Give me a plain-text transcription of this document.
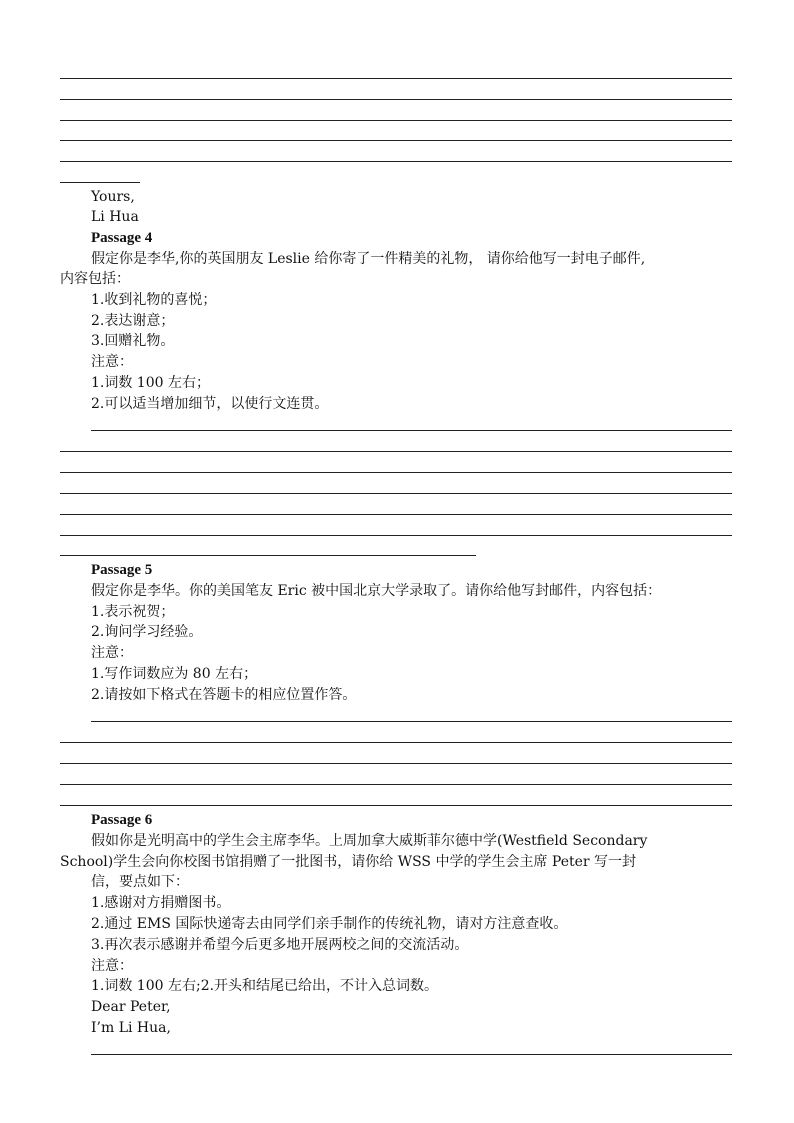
Yours,
Li Hua
Passage 4
假定你是李华,你的英国朋友 Leslie 给你寄了一件精美的礼物， 请你给他写一封电子邮件,
内容包括：
1.收到礼物的喜悦；
2.表达谢意；
3.回赠礼物。
注意：
1.词数 100 左右；
2.可以适当增加细节，以使行文连贯。
Passage 5
假定你是李华。你的美国笔友 Eric 被中国北京大学录取了。请你给他写封邮件，内容包括：
1.表示祝贺；
2.询问学习经验。
注意：
1.写作词数应为 80 左右；
2.请按如下格式在答题卡的相应位置作答。
Passage 6
假如你是光明高中的学生会主席李华。上周加拿大威斯菲尔德中学(Westfield Secondary
School)学生会向你校图书馆捐赠了一批图书，请你给 WSS 中学的学生会主席 Peter 写一封
信，要点如下：
1.感谢对方捐赠图书。
2.通过 EMS 国际快递寄去由同学们亲手制作的传统礼物，请对方注意查收。
3.再次表示感谢并希望今后更多地开展两校之间的交流活动。
注意：
1.词数 100 左右;2.开头和结尾已给出，不计入总词数。
Dear Peter,
I’m Li Hua,
